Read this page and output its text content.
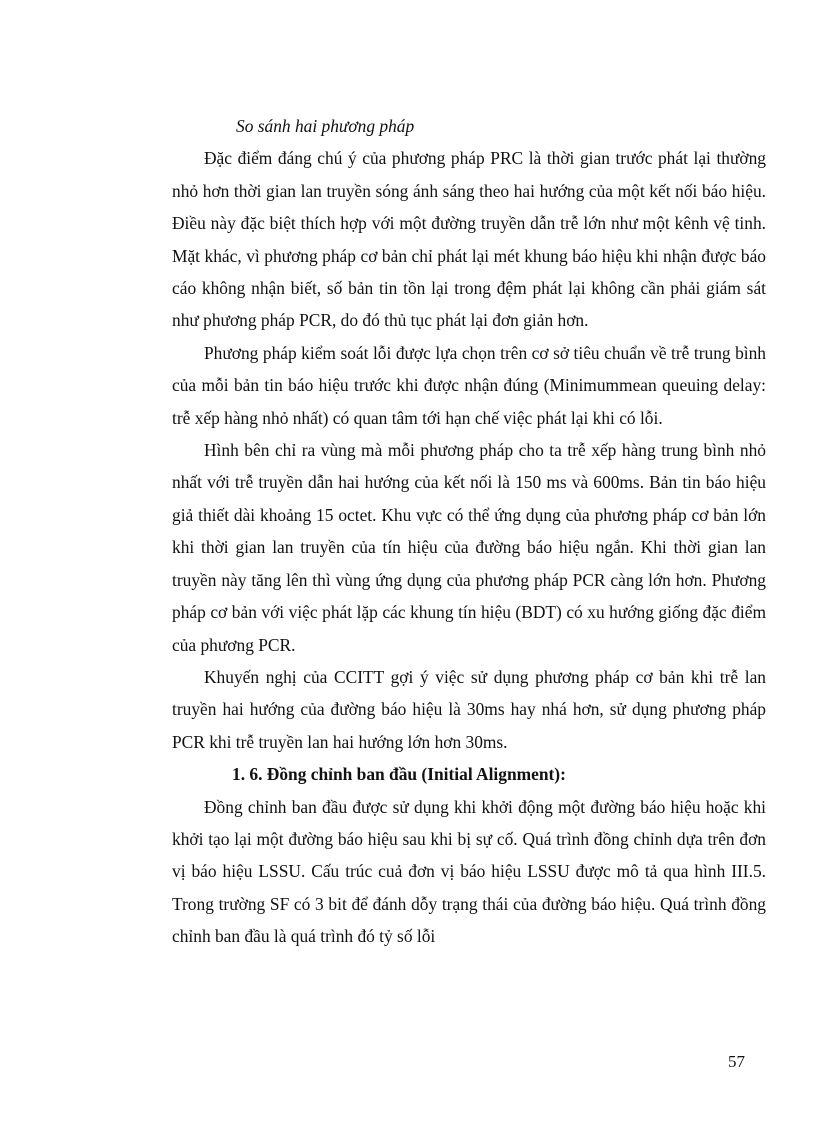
So sánh hai phương pháp

Đặc điểm đáng chú ý của phương pháp PRC là thời gian trước phát lại thường nhỏ hơn thời gian lan truyền sóng ánh sáng theo hai hướng của một kết nối báo hiệu. Điều này đặc biệt thích hợp với một đường truyền dẫn trễ lớn như một kênh vệ tinh. Mặt khác, vì phương pháp cơ bản chỉ phát lại mét khung báo hiệu khi nhận được báo cáo không nhận biết, số bản tin tồn lại trong đệm phát lại không cần phải giám sát như phương pháp PCR, do đó thủ tục phát lại đơn giản hơn.

Phương pháp kiểm soát lỗi được lựa chọn trên cơ sở tiêu chuẩn về trễ trung bình của mỗi bản tin báo hiệu trước khi được nhận đúng (Minimummean queuing delay: trễ xếp hàng nhỏ nhất) có quan tâm tới hạn chế việc phát lại khi có lỗi.

Hình bên chỉ ra vùng mà mỗi phương pháp cho ta trễ xếp hàng trung bình nhỏ nhất với trễ truyền dẫn hai hướng của kết nối là 150 ms và 600ms. Bản tin báo hiệu giả thiết dài khoảng 15 octet. Khu vực có thể ứng dụng của phương pháp cơ bản lớn khi thời gian lan truyền của tín hiệu của đường báo hiệu ngắn. Khi thời gian lan truyền này tăng lên thì vùng ứng dụng của phương pháp PCR càng lớn hơn. Phương pháp cơ bản với việc phát lặp các khung tín hiệu (BDT) có xu hướng giống đặc điểm của phương PCR.

Khuyến nghị của CCITT gợi ý việc sử dụng phương pháp cơ bản khi trễ lan truyền hai hướng của đường báo hiệu là 30ms hay nhá hơn, sử dụng phương pháp PCR khi trễ truyền lan hai hướng lớn hơn 30ms.

1. 6. Đồng chỉnh ban đầu (Initial Alignment):

Đồng chỉnh ban đầu được sử dụng khi khởi động một đường báo hiệu hoặc khi khởi tạo lại một đường báo hiệu sau khi bị sự cố. Quá trình đồng chỉnh dựa trên đơn vị báo hiệu LSSU. Cấu trúc cuả đơn vị báo hiệu LSSU được mô tả qua hình III.5. Trong trường SF có 3 bit để đánh dỗy trạng thái của đường báo hiệu. Quá trình đồng chỉnh ban đầu là quá trình đó tỷ số lỗi

57
